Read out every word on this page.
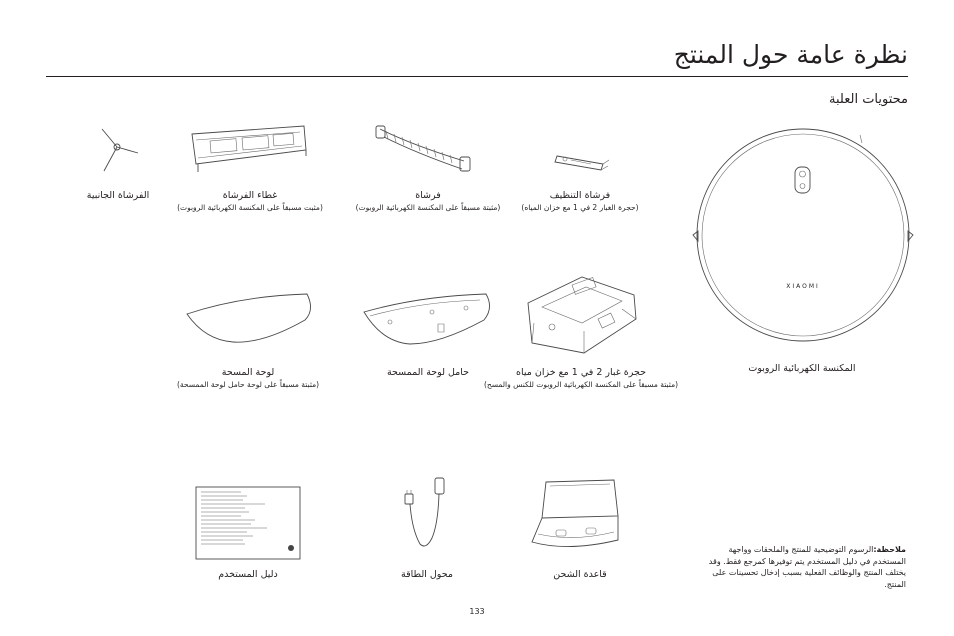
نظرة عامة حول المنتج
محتويات العلبة
الفرشاة الجانبية	غطاء الفرشاة
(مثبت مسبقاً على المكنسة الكهربائية الروبوت)
فرشاة
(مثبتة مسبقاً على المكنسة الكهربائية الروبوت)
فرشاة التنظيف
(حجرة الغبار 2 في 1 مع خزان المياه)
XIAOMI
المكنسة الكهربائية الروبوت
لوحة المسحة
(مثبتة مسبقاً على لوحة حامل لوحة الممسحة)
حامل لوحة الممسحة	حجرة غبار 2 في 1 مع خزان مياه
(مثبتة مسبقاً على المكنسة الكهربائية الروبوت للكنس والمسح)
دليل المستخدم	محول الطاقة	قاعدة الشحن
ملاحظة:الرسوم التوضيحية للمنتج والملحقات وواجهة المستخدم في دليل المستخدم يتم توفيرها كمرجع فقط. وقد يختلف المنتج والوظائف الفعلية بسبب إدخال تحسينات على المنتج.
133
